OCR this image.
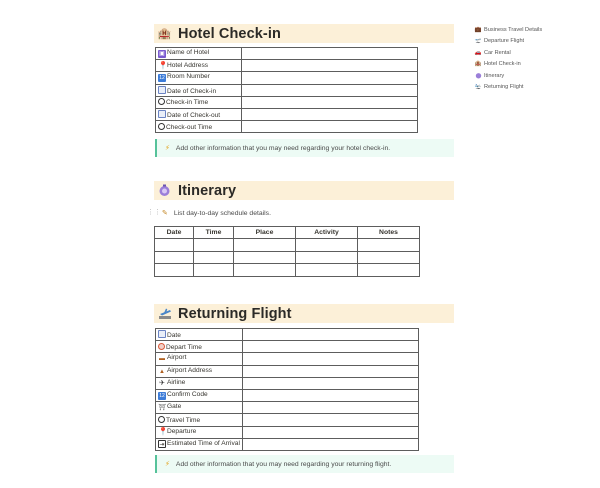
🏨 Hotel Check-in
▣ Name of Hotel	
📍Hotel Address	
12 Room Number	
Date of Check-in	
Check-in Time	
Date of Check-out	
Check-out Time	
⚡ Add other information that you may need regarding your hotel check-in.
Itinerary
⋮⋮ ✎ List day-to-day schedule details.
Date	Time	Place	Activity	Notes

Returning Flight
Date	
Depart Time	
▬ Airport	
▲ Airport Address	
✈ Airline	
12 Confirm Code	
⛩Gate	
Travel Time	
📍Departure	
⇥ Estimated Time of Arrival	
⚡ Add other information that you may need regarding your returning flight.
💼 Business Travel Details
🛫 Departure Flight
🚗 Car Rental
🏨 Hotel Check-in
Itinerary
🛬 Returning Flight
